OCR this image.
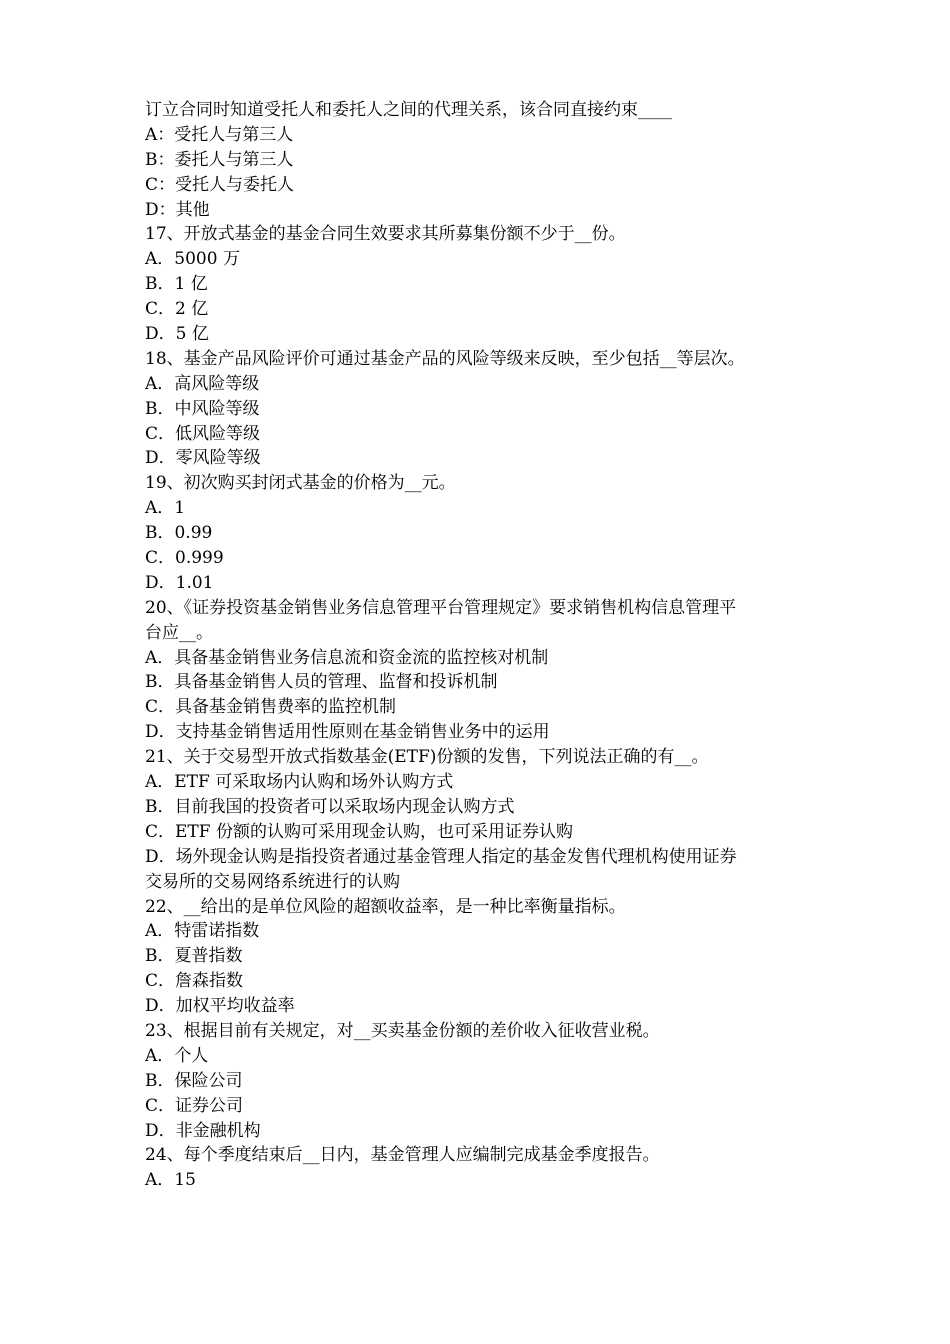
订立合同时知道受托人和委托人之间的代理关系，该合同直接约束____
A：受托人与第三人
B：委托人与第三人
C：受托人与委托人
D：其他
17、开放式基金的基金合同生效要求其所募集份额不少于__份。
A．5000 万
B．1 亿
C．2 亿
D．5 亿
18、基金产品风险评价可通过基金产品的风险等级来反映，至少包括__等层次。
A．高风险等级
B．中风险等级
C．低风险等级
D．零风险等级
19、初次购买封闭式基金的价格为__元。
A．1
B．0.99
C．0.999
D．1.01
20、《证券投资基金销售业务信息管理平台管理规定》要求销售机构信息管理平
台应__。
A．具备基金销售业务信息流和资金流的监控核对机制
B．具备基金销售人员的管理、监督和投诉机制
C．具备基金销售费率的监控机制
D．支持基金销售适用性原则在基金销售业务中的运用
21、关于交易型开放式指数基金(ETF)份额的发售，下列说法正确的有__。
A．ETF 可采取场内认购和场外认购方式
B．目前我国的投资者可以采取场内现金认购方式
C．ETF 份额的认购可采用现金认购，也可采用证券认购
D．场外现金认购是指投资者通过基金管理人指定的基金发售代理机构使用证券
交易所的交易网络系统进行的认购
22、__给出的是单位风险的超额收益率，是一种比率衡量指标。
A．特雷诺指数
B．夏普指数
C．詹森指数
D．加权平均收益率
23、根据目前有关规定，对__买卖基金份额的差价收入征收营业税。
A．个人
B．保险公司
C．证券公司
D．非金融机构
24、每个季度结束后__日内，基金管理人应编制完成基金季度报告。
A．15
